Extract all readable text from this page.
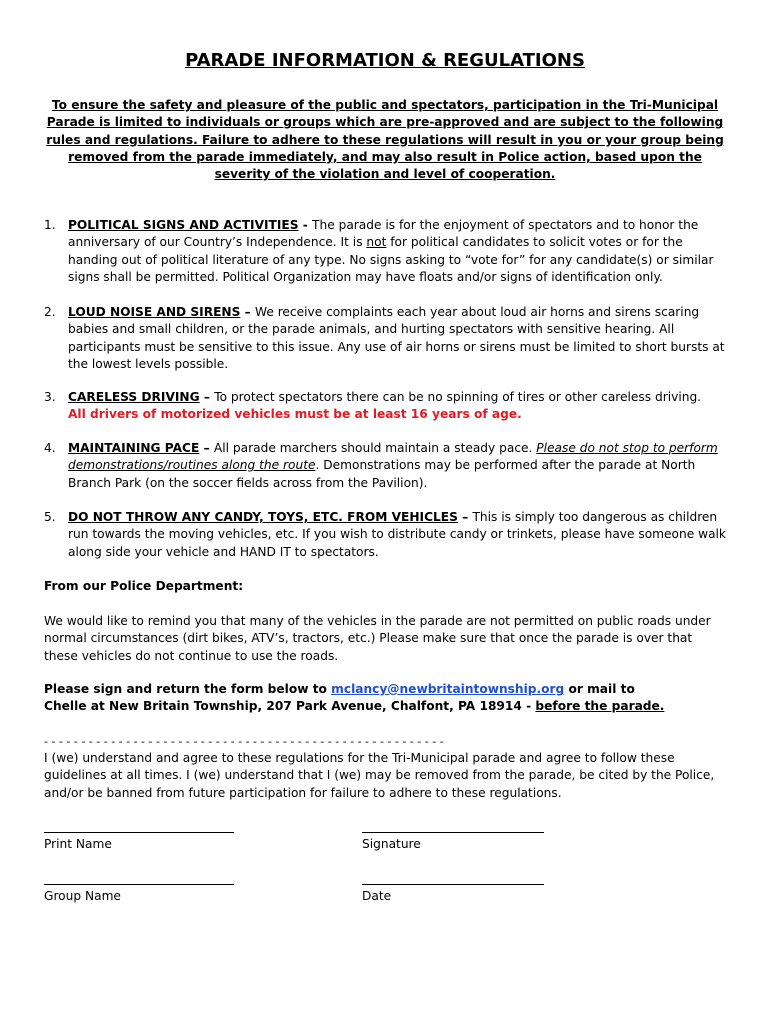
PARADE INFORMATION & REGULATIONS
To ensure the safety and pleasure of the public and spectators, participation in the Tri-Municipal Parade is limited to individuals or groups which are pre-approved and are subject to the following rules and regulations. Failure to adhere to these regulations will result in you or your group being removed from the parade immediately, and may also result in Police action, based upon the severity of the violation and level of cooperation.
1. POLITICAL SIGNS AND ACTIVITIES - The parade is for the enjoyment of spectators and to honor the anniversary of our Country’s Independence. It is not for political candidates to solicit votes or for the handing out of political literature of any type. No signs asking to “vote for” for any candidate(s) or similar signs shall be permitted. Political Organization may have floats and/or signs of identification only.
2. LOUD NOISE AND SIRENS – We receive complaints each year about loud air horns and sirens scaring babies and small children, or the parade animals, and hurting spectators with sensitive hearing. All participants must be sensitive to this issue. Any use of air horns or sirens must be limited to short bursts at the lowest levels possible.
3. CARELESS DRIVING – To protect spectators there can be no spinning of tires or other careless driving.
All drivers of motorized vehicles must be at least 16 years of age.
4. MAINTAINING PACE – All parade marchers should maintain a steady pace. Please do not stop to perform demonstrations/routines along the route. Demonstrations may be performed after the parade at North Branch Park (on the soccer fields across from the Pavilion).
5. DO NOT THROW ANY CANDY, TOYS, ETC. FROM VEHICLES – This is simply too dangerous as children run towards the moving vehicles, etc. If you wish to distribute candy or trinkets, please have someone walk along side your vehicle and HAND IT to spectators.
From our Police Department:
We would like to remind you that many of the vehicles in the parade are not permitted on public roads under normal circumstances (dirt bikes, ATV’s, tractors, etc.) Please make sure that once the parade is over that these vehicles do not continue to use the roads.
Please sign and return the form below to mclancy@newbritaintownship.org or mail to
Chelle at New Britain Township, 207 Park Avenue, Chalfont, PA 18914 - before the parade.
- - - - - - - - - - - - - - - - - - - - - - - - - - - - - - - - - - - - - - - - - - - - - - - - - - - - - -
I (we) understand and agree to these regulations for the Tri-Municipal parade and agree to follow these guidelines at all times. I (we) understand that I (we) may be removed from the parade, be cited by the Police, and/or be banned from future participation for failure to adhere to these regulations.
Print Name	Signature
Group Name	Date
